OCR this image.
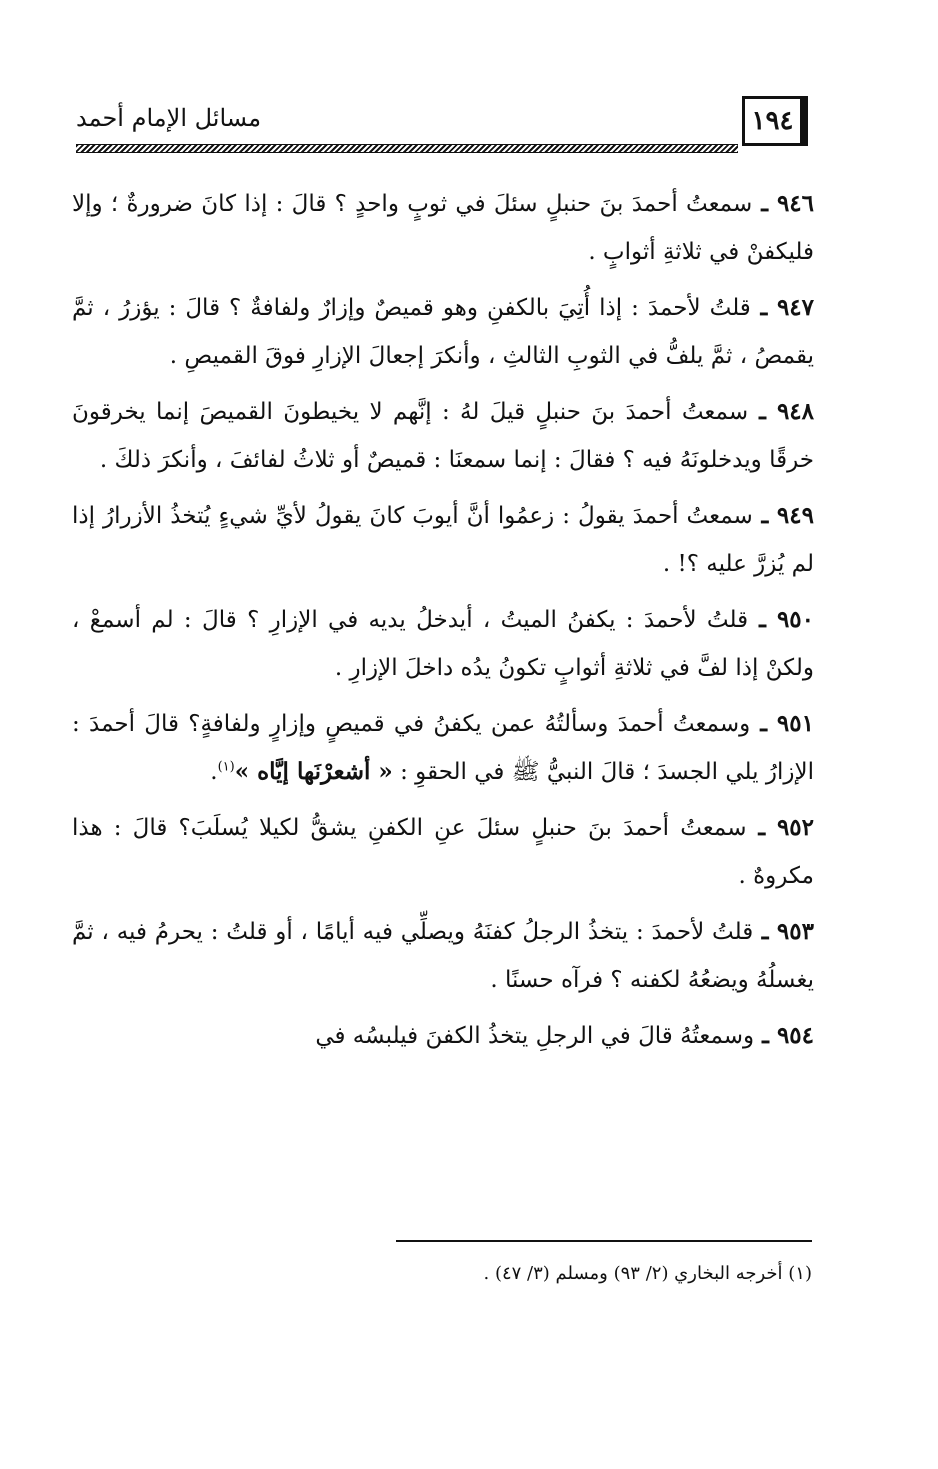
مسائل الإمام أحمد	١٩٤

٩٤٦ ـ سمعتُ أحمدَ بنَ حنبلٍ سئلَ في ثوبٍ واحدٍ ؟ قالَ : إذا كانَ ضرورةٌ ؛ وإلا فليكفنْ في ثلاثةِ أثوابٍ .

٩٤٧ ـ قلتُ لأحمدَ : إذا أُتِيَ بالكفنِ وهو قميصٌ وإزارٌ ولفافةٌ ؟ قالَ : يؤزرُ ، ثمَّ يقمصُ ، ثمَّ يلفُّ في الثوبِ الثالثِ ، وأنكرَ إجعالَ الإزارِ فوقَ القميصِ .

٩٤٨ ـ سمعتُ أحمدَ بنَ حنبلٍ قيلَ لهُ : إنَّهم لا يخيطونَ القميصَ إنما يخرقونَ خرقًا ويدخلونَهُ فيه ؟ فقالَ : إنما سمعنَا : قميصٌ أو ثلاثُ لفائفَ ، وأنكرَ ذلكَ .

٩٤٩ ـ سمعتُ أحمدَ يقولُ : زعمُوا أنَّ أيوبَ كانَ يقولُ لأيِّ شيءٍ يُتخذُ الأزرارُ إذا لم يُزرَّ عليه ؟! .

٩٥٠ ـ قلتُ لأحمدَ : يكفنُ الميتُ ، أيدخلُ يديه في الإزارِ ؟ قالَ : لم أسمعْ ، ولكنْ إذا لفَّ في ثلاثةِ أثوابٍ تكونُ يدُه داخلَ الإزارِ .

٩٥١ ـ وسمعتُ أحمدَ وسألتُهُ عمن يكفنُ في قميصٍ وإزارٍ ولفافةٍ؟ قالَ أحمدَ : الإزارُ يلي الجسدَ ؛ قالَ النبيُّ ﷺ في الحقوِ : « أشعرْنَها إيَّاه »$^{(١)}$.

٩٥٢ ـ سمعتُ أحمدَ بنَ حنبلٍ سئلَ عنِ الكفنِ يشقُّ لكيلا يُسلَبَ؟ قالَ : هذا مكروهٌ .

٩٥٣ ـ قلتُ لأحمدَ : يتخذُ الرجلُ كفنَهُ ويصلِّي فيه أيامًا ، أو قلتُ : يحرمُ فيه ، ثمَّ يغسلُهُ ويضعُهُ لكفنه ؟ فرآه حسنًا .

٩٥٤ ـ وسمعتُهُ قالَ في الرجلِ يتخذُ الكفنَ فيلبسُه في

(١) أخرجه البخاري (٢/ ٩٣) ومسلم (٣/ ٤٧) .
